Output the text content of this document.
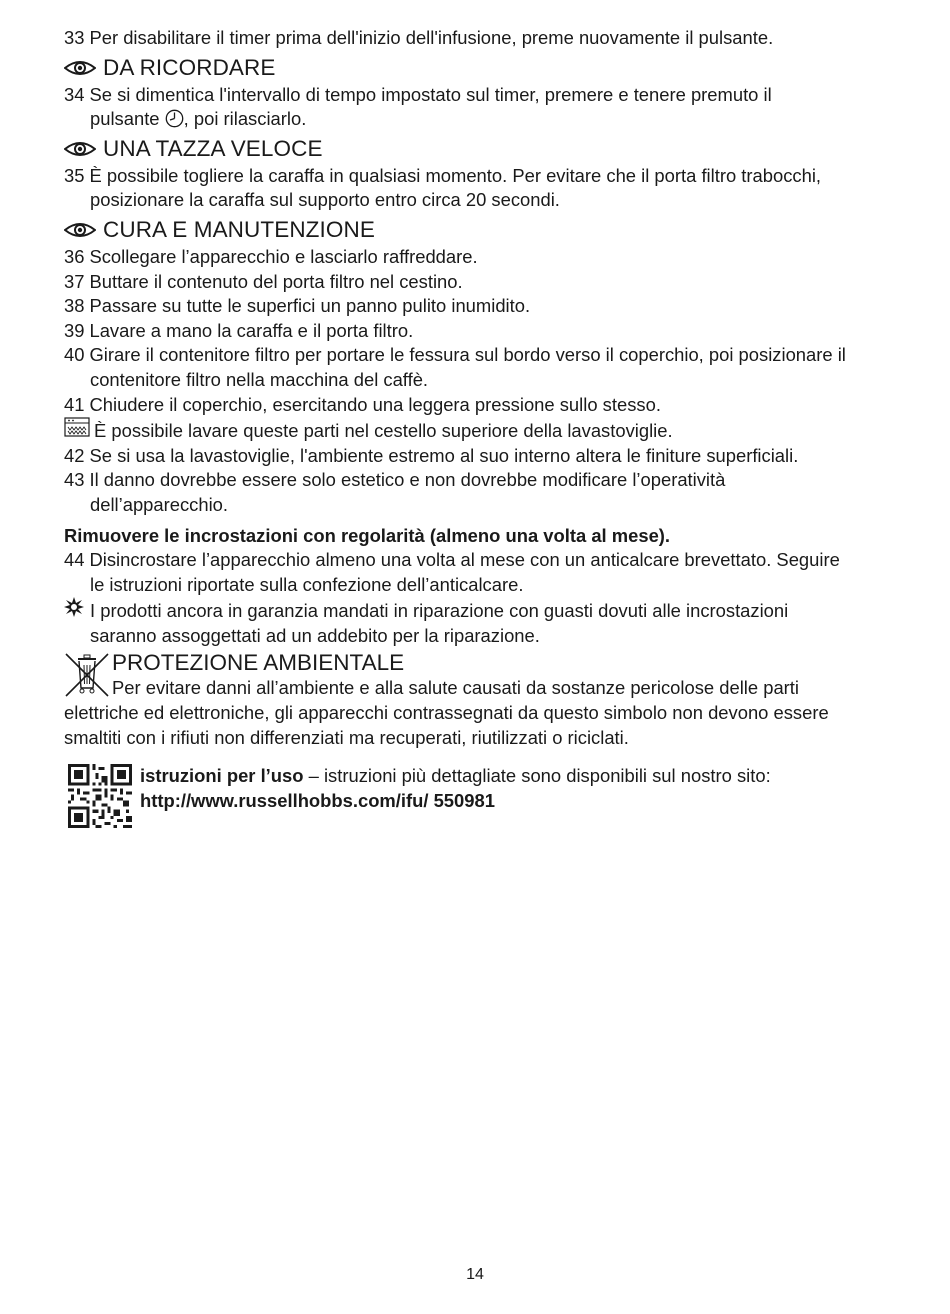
33 Per disabilitare il timer prima dell'inizio dell'infusione, preme nuovamente il pulsante.
DA RICORDARE
34 Se si dimentica l'intervallo di tempo impostato sul timer, premere e tenere premuto il
pulsante , poi rilasciarlo.
UNA TAZZA VELOCE
35 È possibile togliere la caraffa in qualsiasi momento. Per evitare che il porta filtro trabocchi,
posizionare la caraffa sul supporto entro circa 20 secondi.
CURA E MANUTENZIONE
36 Scollegare l’apparecchio e lasciarlo raffreddare.
37 Buttare il contenuto del porta filtro nel cestino.
38 Passare su tutte le superfici un panno pulito inumidito.
39 Lavare a mano la caraffa e il porta filtro.
40 Girare il contenitore filtro per portare le fessura sul bordo verso il coperchio, poi posizionare il
contenitore filtro nella macchina del caffè.
41 Chiudere il coperchio, esercitando una leggera pressione sullo stesso.
È possibile lavare queste parti nel cestello superiore della lavastoviglie.
42 Se si usa la lavastoviglie, l'ambiente estremo al suo interno altera le finiture superficiali.
43 Il danno dovrebbe essere solo estetico e non dovrebbe modificare l’operatività
dell’apparecchio.
Rimuovere le incrostazioni con regolarità (almeno una volta al mese).
44 Disincrostare l’apparecchio almeno una volta al mese con un anticalcare brevettato. Seguire
le istruzioni riportate sulla confezione dell’anticalcare.
I prodotti ancora in garanzia mandati in riparazione con guasti dovuti alle incrostazioni
saranno assoggettati ad un addebito per la riparazione.
PROTEZIONE AMBIENTALE
Per evitare danni all’ambiente e alla salute causati da sostanze pericolose delle parti
elettriche ed elettroniche, gli apparecchi contrassegnati da questo simbolo non devono essere
smaltiti con i rifiuti non differenziati ma recuperati, riutilizzati o riciclati.
istruzioni per l’uso – istruzioni più dettagliate sono disponibili sul nostro sito:
http://www.russellhobbs.com/ifu/ 550981
14
